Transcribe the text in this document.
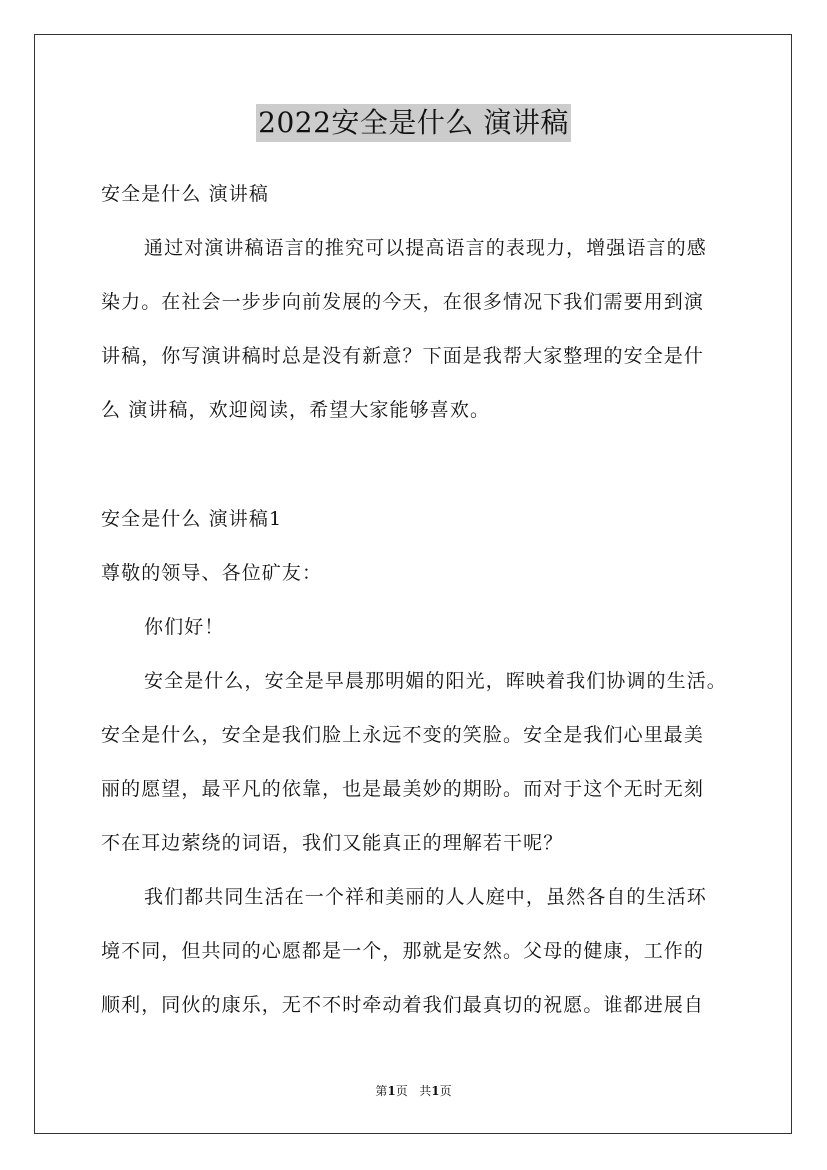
2022安全是什么 演讲稿
安全是什么 演讲稿
通过对演讲稿语言的推究可以提高语言的表现力，增强语言的感
染力。在社会一步步向前发展的今天，在很多情况下我们需要用到演
讲稿，你写演讲稿时总是没有新意？下面是我帮大家整理的安全是什
么 演讲稿，欢迎阅读，希望大家能够喜欢。
安全是什么 演讲稿1
尊敬的领导、各位矿友：
你们好！
安全是什么，安全是早晨那明媚的阳光，晖映着我们协调的生活。
安全是什么，安全是我们脸上永远不变的笑脸。安全是我们心里最美
丽的愿望，最平凡的依靠，也是最美妙的期盼。而对于这个无时无刻
不在耳边萦绕的词语，我们又能真正的理解若干呢？
我们都共同生活在一个祥和美丽的人人庭中，虽然各自的生活环
境不同，但共同的心愿都是一个，那就是安然。父母的健康，工作的
顺利，同伙的康乐，无不不时牵动着我们最真切的祝愿。谁都进展自
第1页 共1页
